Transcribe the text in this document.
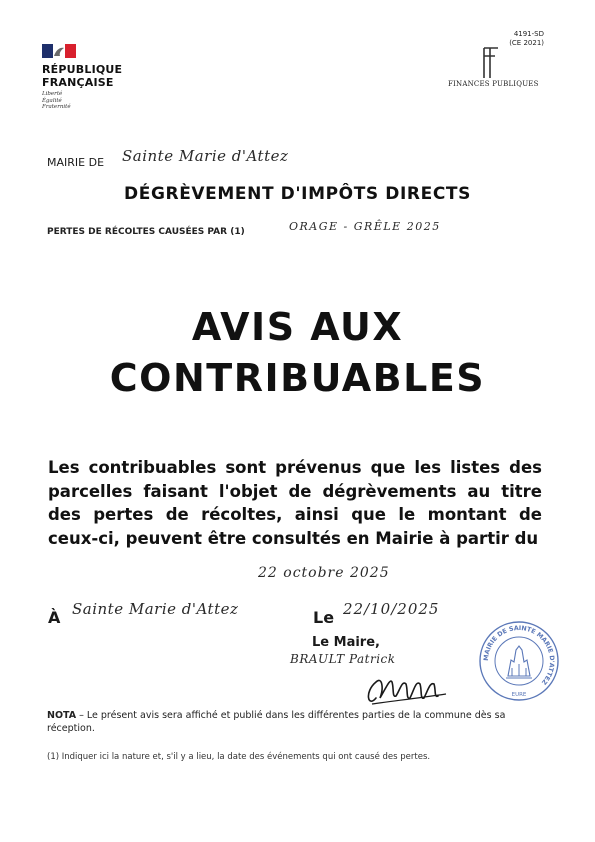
RÉPUBLIQUE
FRANÇAISE
Liberté
Égalité
Fraternité
4191-SD
(CE 2021)
FINANCES PUBLIQUES
MAIRIE DE Sainte Marie d'Attez
DÉGRÈVEMENT D'IMPÔTS DIRECTS
PERTES DE RÉCOLTES CAUSÉES PAR (1)	ORAGE - GRÊLE 2025
AVIS AUX
CONTRIBUABLES
Les contribuables sont prévenus que les listes des parcelles faisant l'objet de dégrèvements au titre des pertes de récoltes, ainsi que le montant de ceux-ci, peuvent être consultés en Mairie à partir du
22 octobre 2025
À Sainte Marie d'Attez	Le 22/10/2025
Le Maire,
BRAULT Patrick	MAIRIE DE SAINTE MARIE D'ATTEZ
EURE
NOTA – Le présent avis sera affiché et publié dans les différentes parties de la commune dès sa réception.
(1) Indiquer ici la nature et, s'il y a lieu, la date des événements qui ont causé des pertes.
